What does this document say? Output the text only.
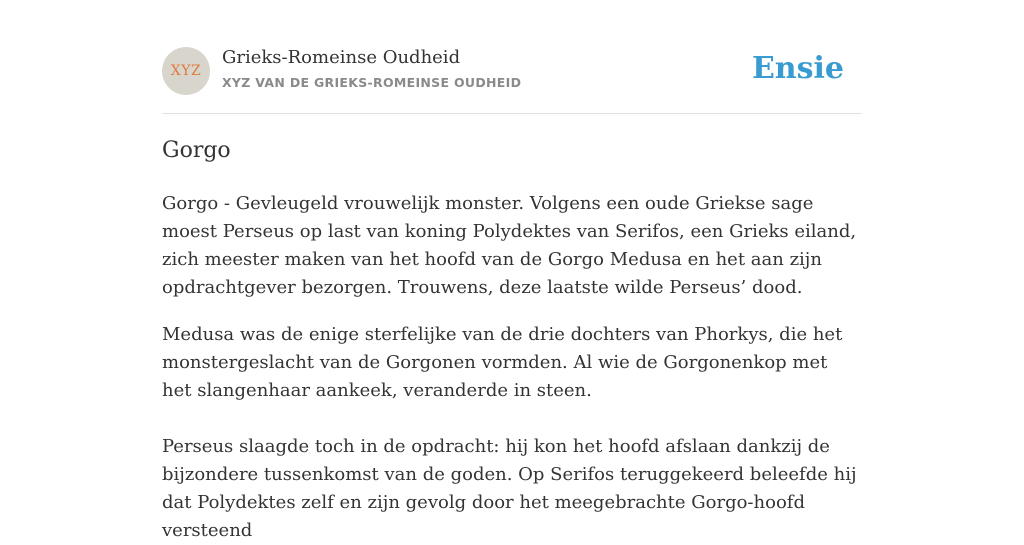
XYZ
Grieks-Romeinse Oudheid
XYZ VAN DE GRIEKS-ROMEINSE OUDHEID	Ensie
Gorgo

Gorgo - Gevleugeld vrouwelijk monster. Volgens een oude Griekse sage moest Perseus op last van koning Polydektes van Serifos, een Grieks eiland, zich meester maken van het hoofd van de Gorgo Medusa en het aan zijn opdrachtgever bezorgen. Trouwens, deze laatste wilde Perseus’ dood.

Medusa was de enige sterfelijke van de drie dochters van Phorkys, die het monstergeslacht van de Gorgonen vormden. Al wie de Gorgonenkop met het slangenhaar aankeek, veranderde in steen.

Perseus slaagde toch in de opdracht: hij kon het hoofd afslaan dankzij de bijzondere tussenkomst van de goden. Op Serifos teruggekeerd beleefde hij dat Polydektes zelf en zijn gevolg door het meegebrachte Gorgo-hoofd versteend
